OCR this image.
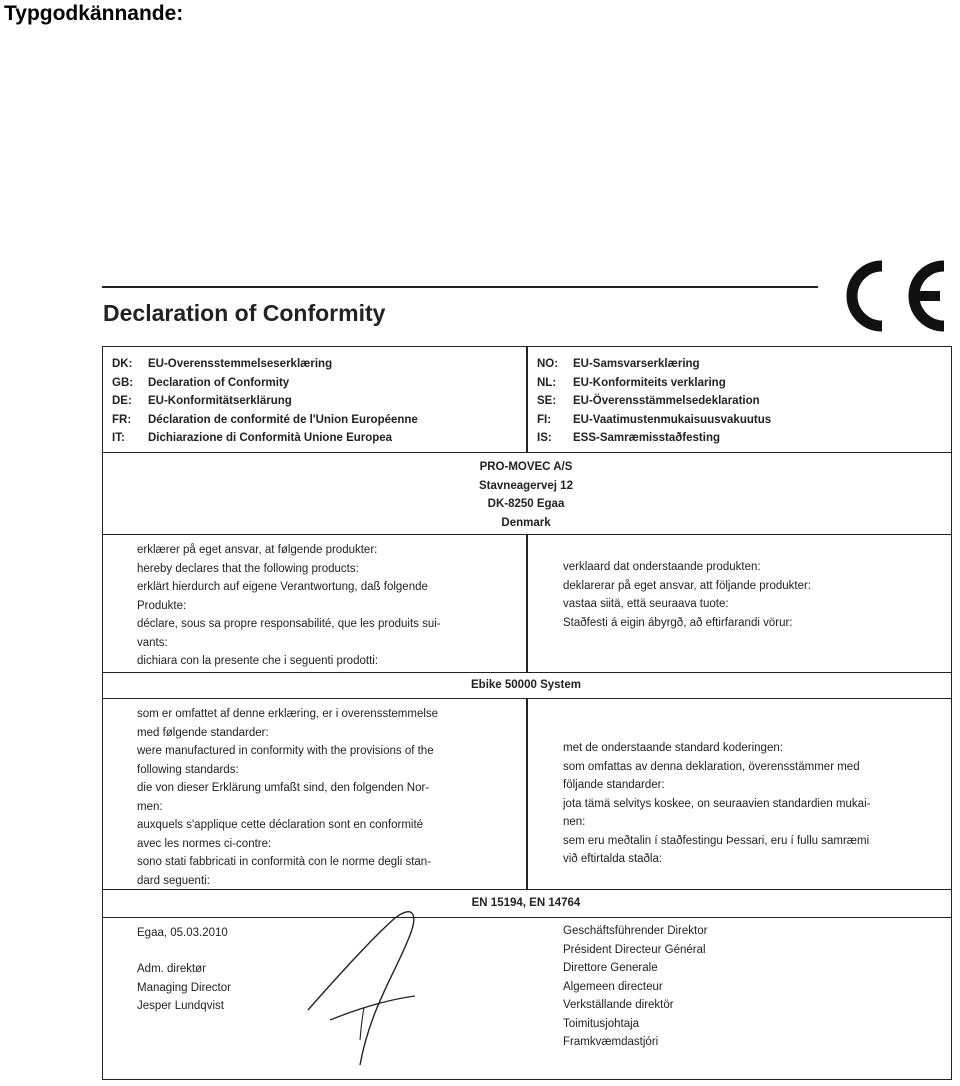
Typgodkännande:
Declaration of Conformity
DK:	EU-Overensstemmelseserklæring
GB:	Declaration of Conformity
DE:	EU-Konformitätserklärung
FR:	Déclaration de conformité de l'Union Européenne
IT:	Dichiarazione di Conformità Unione Europea
NO:	EU-Samsvarserklæring
NL:	EU-Konformiteits verklaring
SE:	EU-Överensstämmelsedeklaration
FI:	EU-Vaatimustenmukaisuusvakuutus
IS:	ESS-Samræmisstaðfesting
PRO-MOVEC A/S
Stavneagervej 12
DK-8250 Egaa
Denmark
erklærer på eget ansvar, at følgende produkter:
hereby declares that the following products:
erklärt hierdurch auf eigene Verantwortung, daß folgende
Produkte:
déclare, sous sa propre responsabilité, que les produits sui-
vants:
dichiara con la presente che i seguenti prodotti:
verklaard dat onderstaande produkten:
deklarerar på eget ansvar, att följande produkter:
vastaa siitä, että seuraava tuote:
Staðfesti á eigin ábyrgð, að eftirfarandi vörur:
Ebike 50000 System
som er omfattet af denne erklæring, er i overensstemmelse
med følgende standarder:
were manufactured in conformity with the provisions of the
following standards:
die von dieser Erklärung umfaßt sind, den folgenden Nor-
men:
auxquels s'applique cette déclaration sont en conformité
avec les normes ci-contre:
sono stati fabbricati in conformità con le norme degli stan-
dard seguenti:
met de onderstaande standard koderingen:
som omfattas av denna deklaration, överensstämmer med
följande standarder:
jota tämä selvitys koskee, on seuraavien standardien mukai-
nen:
sem eru meðtalin í staðfestingu Þessari, eru í fullu samræmi
við eftirtalda staðla:
EN 15194, EN 14764
Egaa, 05.03.2010
Adm. direktør
Managing Director
Jesper Lundqvist
Geschäftsführender Direktor
Président Directeur Général
Direttore Generale
Algemeen directeur
Verkställande direktör
Toimitusjohtaja
Framkvæmdastjóri
